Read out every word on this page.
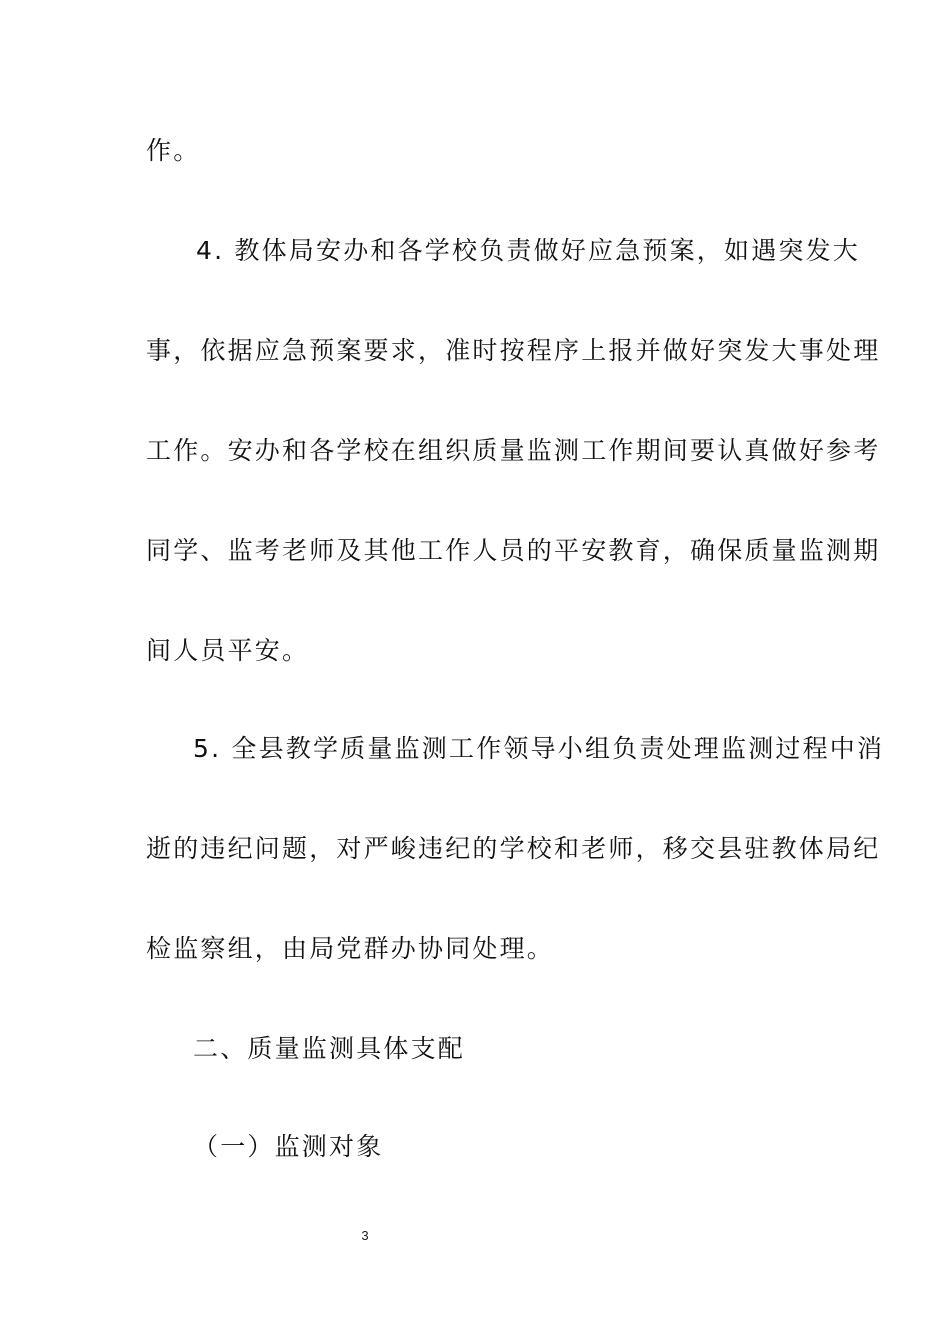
作。
4. 教体局安办和各学校负责做好应急预案，如遇突发大
事，依据应急预案要求，准时按程序上报并做好突发大事处理
工作。安办和各学校在组织质量监测工作期间要认真做好参考
同学、监考老师及其他工作人员的平安教育，确保质量监测期
间人员平安。
5. 全县教学质量监测工作领导小组负责处理监测过程中消
逝的违纪问题，对严峻违纪的学校和老师，移交县驻教体局纪
检监察组，由局党群办协同处理。
二、质量监测具体支配
（一）监测对象
3
